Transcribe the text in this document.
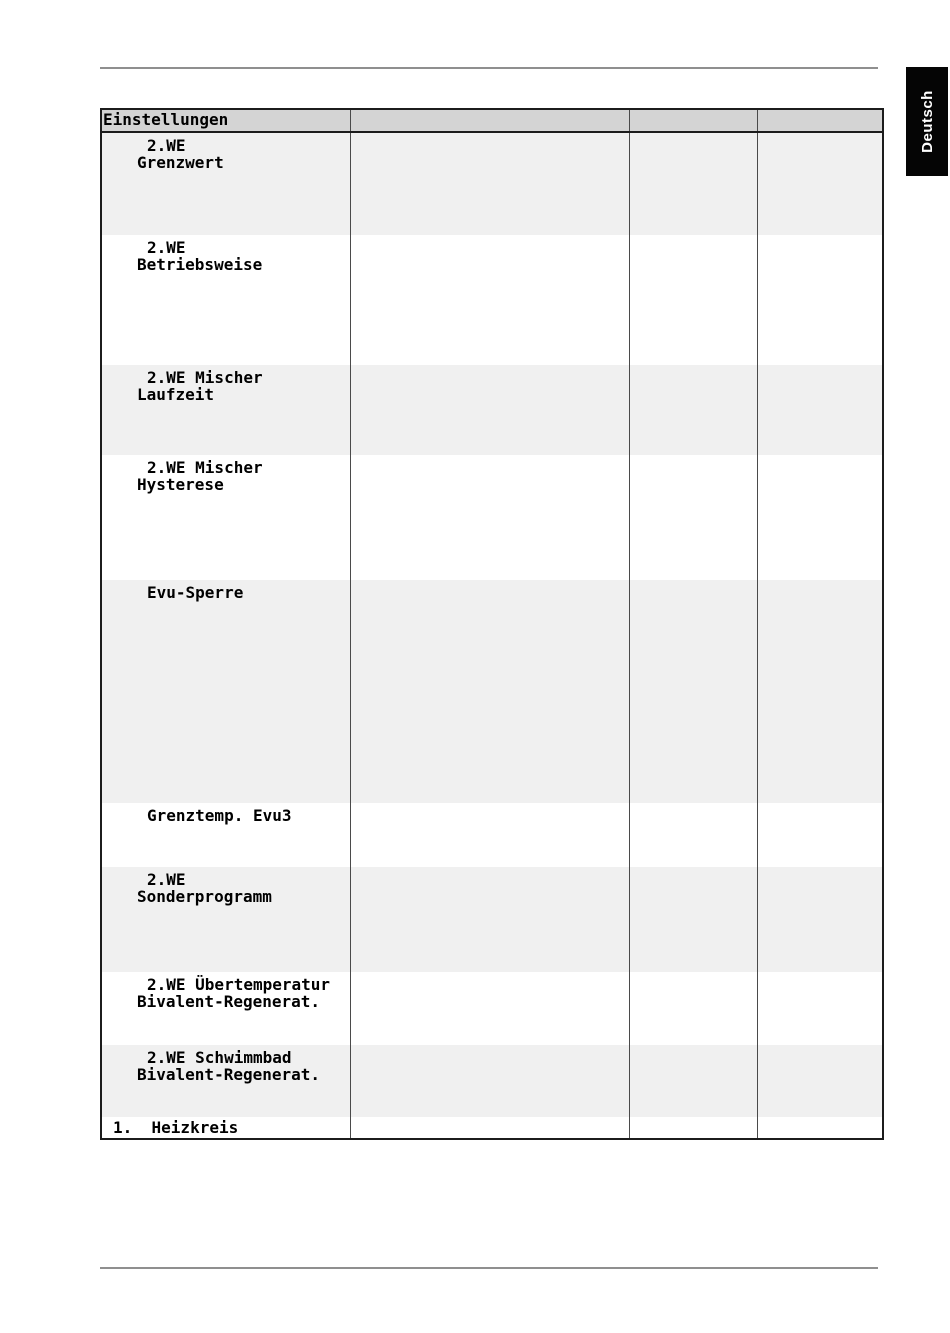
Deutsch
Einstellungen
2.WE
Grenzwert
2.WE
Betriebsweise
2.WE Mischer
Laufzeit
2.WE Mischer
Hysterese
Evu-Sperre
Grenztemp. Evu3
2.WE
Sonderprogramm
2.WE Übertemperatur
Bivalent-Regenerat.
2.WE Schwimmbad
Bivalent-Regenerat.
1.  Heizkreis
